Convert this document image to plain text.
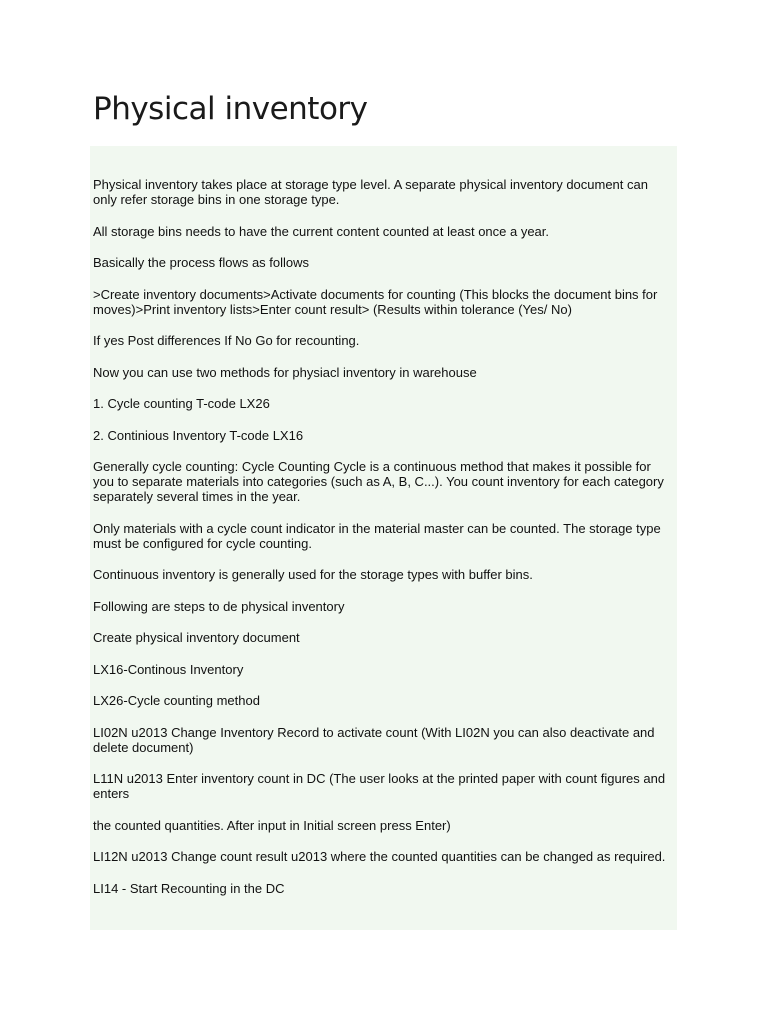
Physical inventory

Physical inventory takes place at storage type level. A separate physical inventory document can only refer storage bins in one storage type.

All storage bins needs to have the current content counted at least once a year.

Basically the process flows as follows

>Create inventory documents>Activate documents for counting (This blocks the document bins for moves)>Print inventory lists>Enter count result> (Results within tolerance (Yes/ No)

If yes Post differences If No Go for recounting.

Now you can use two methods for physiacl inventory in warehouse

1. Cycle counting T-code LX26

2. Continious Inventory T-code LX16

Generally cycle counting: Cycle Counting Cycle is a continuous method that makes it possible for you to separate materials into categories (such as A, B, C...). You count inventory for each category separately several times in the year.

Only materials with a cycle count indicator in the material master can be counted. The storage type must be configured for cycle counting.

Continuous inventory is generally used for the storage types with buffer bins.

Following are steps to de physical inventory

Create physical inventory document

LX16-Continous Inventory

LX26-Cycle counting method

LI02N u2013 Change Inventory Record to activate count (With LI02N you can also deactivate and delete document)

L11N u2013 Enter inventory count in DC (The user looks at the printed paper with count figures and enters

the counted quantities. After input in Initial screen press Enter)

LI12N u2013 Change count result u2013 where the counted quantities can be changed as required.

LI14 - Start Recounting in the DC
